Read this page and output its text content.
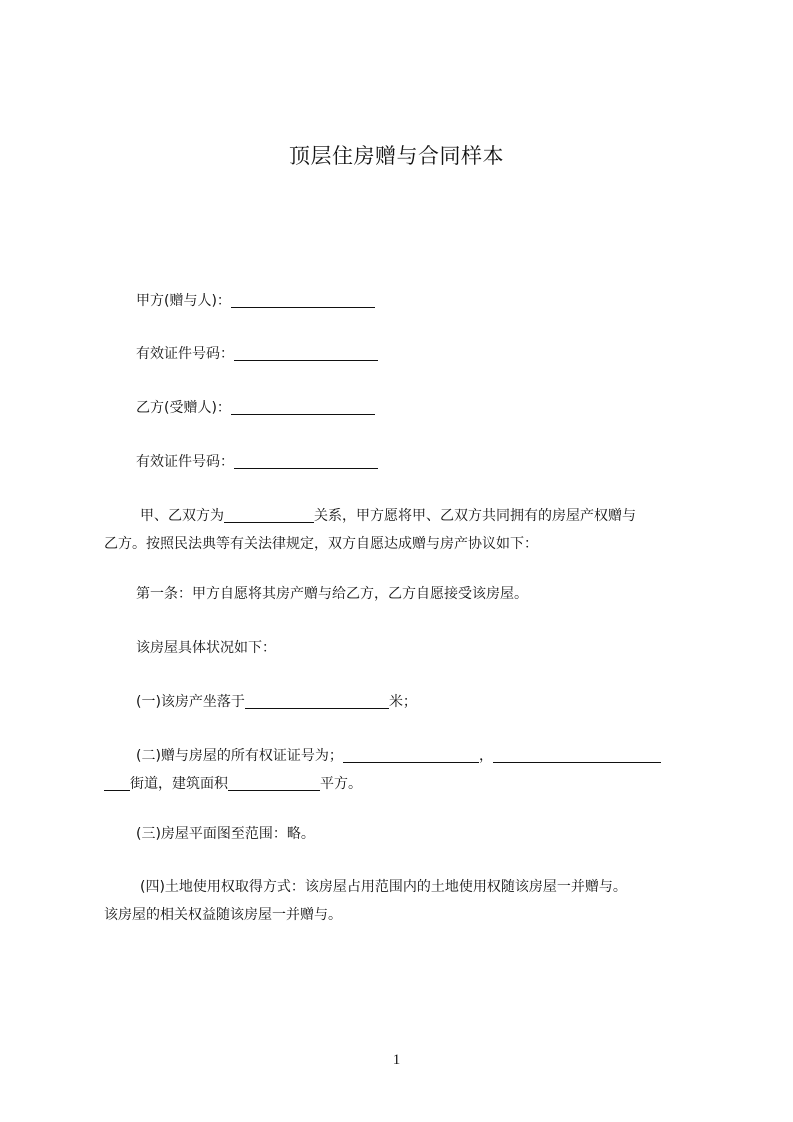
顶层住房赠与合同样本
甲方(赠与人)：
有效证件号码：
乙方(受赠人)：
有效证件号码：
甲、乙双方为	关系，甲方愿将甲、乙双方共同拥有的房屋产权赠与
乙方。按照民法典等有关法律规定，双方自愿达成赠与房产协议如下：
第一条：甲方自愿将其房产赠与给乙方，乙方自愿接受该房屋。
该房屋具体状况如下：
(一)该房产坐落于	米；
(二)赠与房屋的所有权证证号为；	，
街道，建筑面积	平方。
(三)房屋平面图至范围：略。
(四)土地使用权取得方式：该房屋占用范围内的土地使用权随该房屋一并赠与。
该房屋的相关权益随该房屋一并赠与。
1
